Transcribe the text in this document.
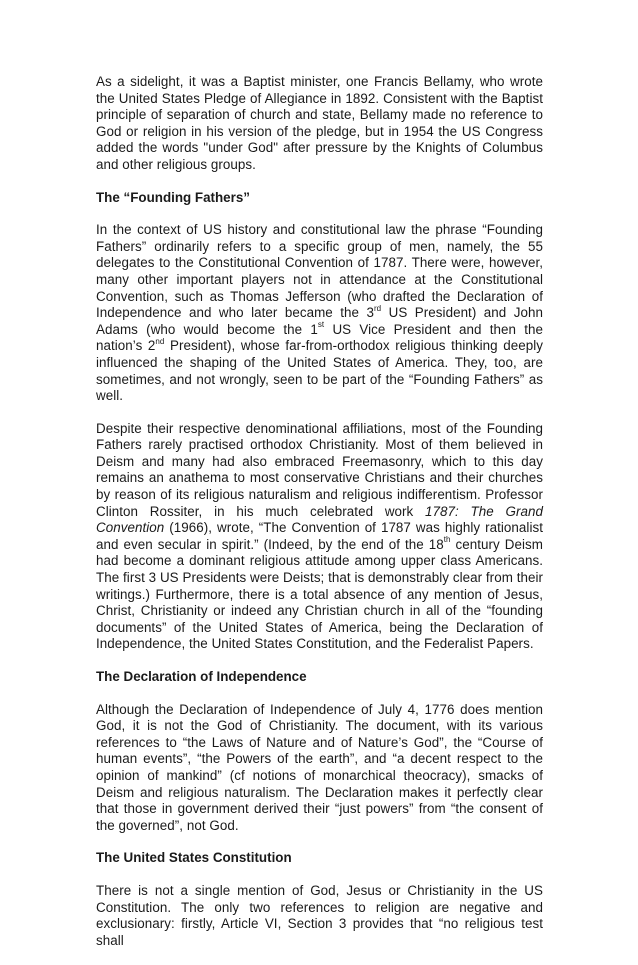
As a sidelight, it was a Baptist minister, one Francis Bellamy, who wrote the United States Pledge of Allegiance in 1892. Consistent with the Baptist principle of separation of church and state, Bellamy made no reference to God or religion in his version of the pledge, but in 1954 the US Congress added the words "under God" after pressure by the Knights of Columbus and other religious groups.

The “Founding Fathers”

In the context of US history and constitutional law the phrase “Founding Fathers” ordinarily refers to a specific group of men, namely, the 55 delegates to the Constitutional Convention of 1787. There were, however, many other important players not in attendance at the Constitutional Convention, such as Thomas Jefferson (who drafted the Declaration of Independence and who later became the 3rd US President) and John Adams (who would become the 1st US Vice President and then the nation’s 2nd President), whose far-from-orthodox religious thinking deeply influenced the shaping of the United States of America. They, too, are sometimes, and not wrongly, seen to be part of the “Founding Fathers” as well.

Despite their respective denominational affiliations, most of the Founding Fathers rarely practised orthodox Christianity. Most of them believed in Deism and many had also embraced Freemasonry, which to this day remains an anathema to most conservative Christians and their churches by reason of its religious naturalism and religious indifferentism. Professor Clinton Rossiter, in his much celebrated work 1787: The Grand Convention (1966), wrote, “The Convention of 1787 was highly rationalist and even secular in spirit.” (Indeed, by the end of the 18th century Deism had become a dominant religious attitude among upper class Americans. The first 3 US Presidents were Deists; that is demonstrably clear from their writings.) Furthermore, there is a total absence of any mention of Jesus, Christ, Christianity or indeed any Christian church in all of the “founding documents” of the United States of America, being the Declaration of Independence, the United States Constitution, and the Federalist Papers.

The Declaration of Independence

Although the Declaration of Independence of July 4, 1776 does mention God, it is not the God of Christianity. The document, with its various references to “the Laws of Nature and of Nature’s God”, the “Course of human events”, “the Powers of the earth”, and “a decent respect to the opinion of mankind” (cf notions of monarchical theocracy), smacks of Deism and religious naturalism. The Declaration makes it perfectly clear that those in government derived their “just powers” from “the consent of the governed”, not God.

The United States Constitution

There is not a single mention of God, Jesus or Christianity in the US Constitution. The only two references to religion are negative and exclusionary: firstly, Article VI, Section 3 provides that “no religious test shall
